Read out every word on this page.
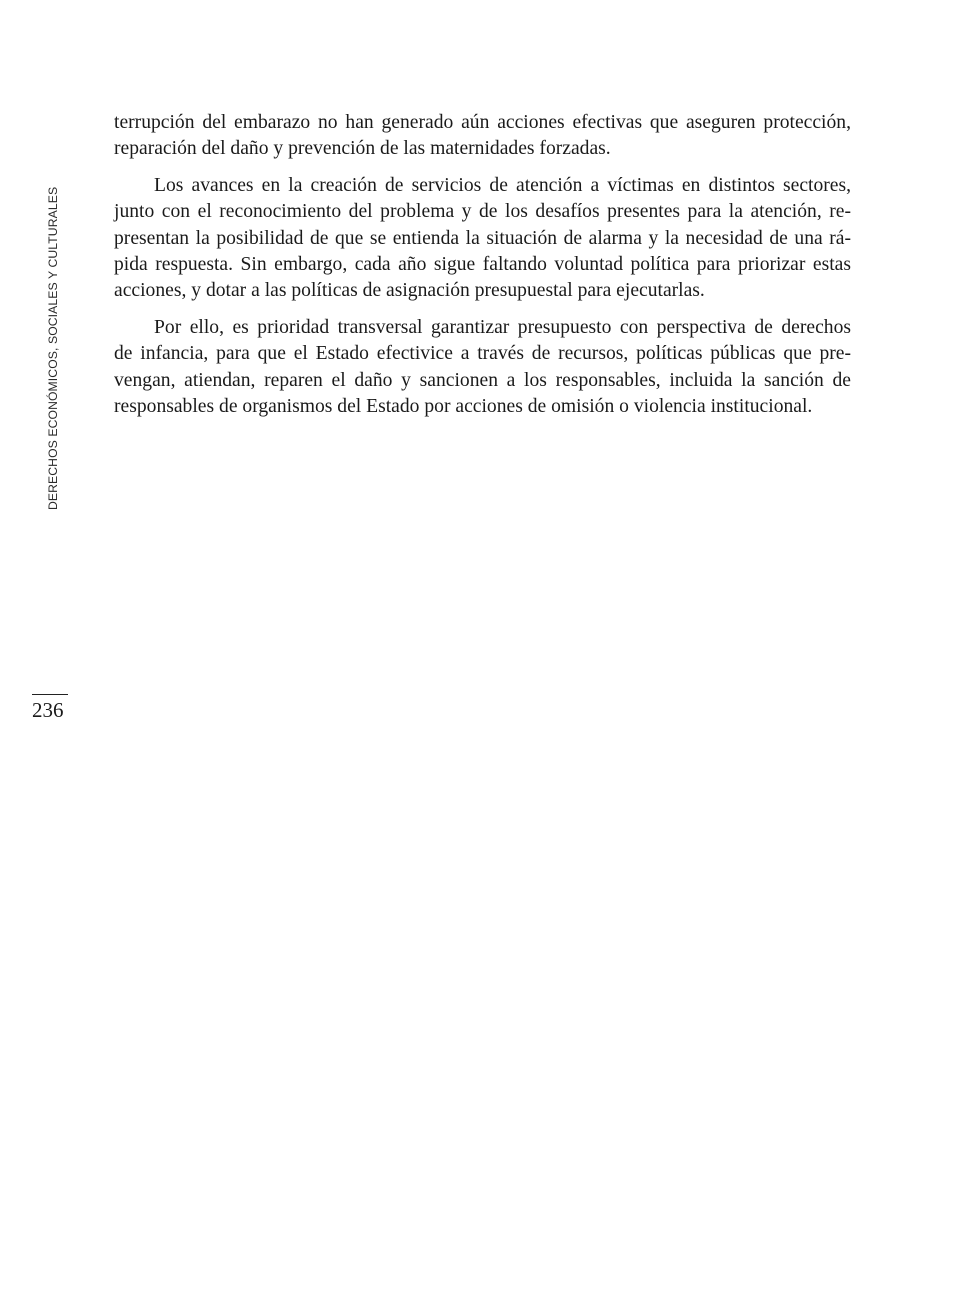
DERECHOS ECONÓMICOS, SOCIALES Y CULTURALES
terrupción del embarazo no han generado aún acciones efectivas que aseguren protección,
reparación del daño y prevención de las maternidades forzadas.
Los avances en la creación de servicios de atención a víctimas en distintos sectores,
junto con el reconocimiento del problema y de los desafíos presentes para la atención, re-
presentan la posibilidad de que se entienda la situación de alarma y la necesidad de una rá-
pida respuesta. Sin embargo, cada año sigue faltando voluntad política para priorizar estas
acciones, y dotar a las políticas de asignación presupuestal para ejecutarlas.
Por ello, es prioridad transversal garantizar presupuesto con perspectiva de derechos
de infancia, para que el Estado efectivice a través de recursos, políticas públicas que pre-
vengan, atiendan, reparen el daño y sancionen a los responsables, incluida la sanción de
responsables de organismos del Estado por acciones de omisión o violencia institucional.
236
